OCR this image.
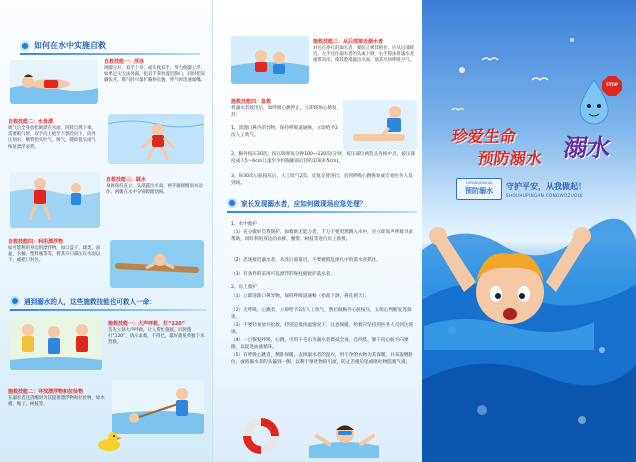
如何在水中实施自救
自救技能一：浮泳
两脚分开，双手上举，或头枕双手，努力使脚上浮，如果足尖无法外露，把双手掌放置近胸口，同时把双脚张开。吸气时尽量扩胸伸长腹，呼气时迅速闻嘴。
自救技能二：水母漂
吸气后全身放松俯漂在水面，四肢自然下垂。需要吸气时，双手向上抱至下颚处向下，向外压划水，顺势抬头吐气，吸气，随即低头闭气恢复漂浮姿势。
自救技能三：踩水
身体保持直立，头部露出水面，两手做摇橹划水动作，两腿在水中分别蹬踏划圆。
自救技能四：利用漂浮物
如可能利用身边的漂浮物，如口盒子、球类、面盆、水桶、塑料瓶等等，将其开口部压在水面以下，或把口封住。
遇到溺水的人，这些施救技能也可救人一命：
施救技能一：大声呼救，打“120”
首先立刻大声呼救，让人帮忙施救，同时拨打“120”，请示求救，不得已，最好就免单独下水营救。
施救技能二：寻找漂浮物和拉扯物
在溺水者还清醒时为其提供漂浮物和拉扯物，如木板、绳子、树枝等。
施救技能三：从后部接近溺水者
对还在挣扎的溺水者，要防止被其抱住，应从后部接近。左手托住溺水者的头或下颌，右手仰泳将溺水者拖带向岸。使其脸部露出水面，使其尽快呼吸空气。
施救技能四：急救
将溺水者救出后，如呼吸心跳停止，立即现场心肺复苏：
1、清理口鼻内的异物，保持呼吸道通畅，立即给予2次人工吹气。
2、胸外按压30次，按压频率每分钟100—120次/分钟，按压部位两乳头连线中点，按压深度成人5～6cm儿童至少约胸廓前后径的1/3(4-5cm)。
3、每30次心脏按压后，人工吹气2次，反复交替进行，直到呼吸心跳恢复或专业医务人员到场。
家长发现溺水者，应如何做现场应急处理？
1、水中救护
（1）充分做好自我保护，如救助无能力者，千万不要贸然跳入水中，应立即高声呼救寻求帮助，同时利用身边的衣裤、腰带、树枝等进行岸上救援。
（2）迅速接近溺水者，从其后面靠近，不要被慌乱挣扎中的落水者抓住。
（3）有条件的采用可以漂浮的脊柱板救护落水者。
2、岸上救护
（1）立即清除口鼻异物，保持呼吸道通畅（抬高下颌，鼻孔朝天）。
（2）无呼吸、心跳者，立即给予2次人工吹气，然后做胸外心脏按压，五组后判断复苏效果。
（3）不要轻易放弃抢救，特别是低体温情况下，注意保暖，给救应坚持到医务人员到达现场。
（4）一旦恢复呼吸、心跳，可用干毛巾为溺水者擦拭全身，自四肢、躯干向心脏方向摩擦，以促进血液循环。
（5）有呼吸心跳者，侧卧保暖，去掉溺水者的湿衣，用干净的衣物为其保暖，并采取侧卧位，或将溺水者的头偏到一侧，以利于呕吐物的引流，防止舌根后坠或呕吐物阻塞气道。
STOP
珍爱生命
预防溺水 溺水
YUFANGNISHUI
预防溺水	守护平安，从我做起！
SHOUHUPINGAN CONGWOZUOQI
